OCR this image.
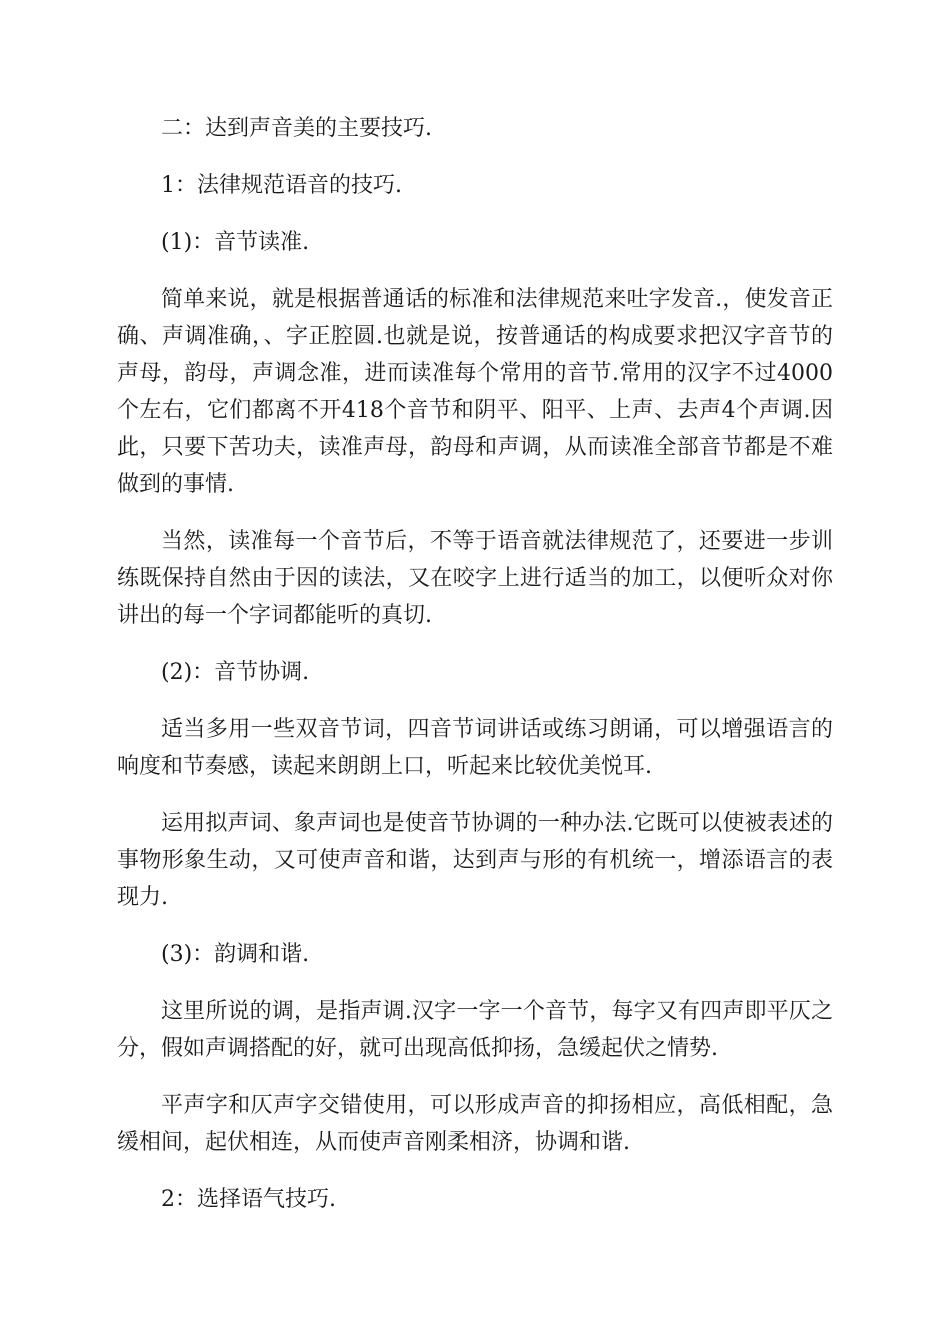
二：达到声音美的主要技巧.

1：法律规范语音的技巧.

(1)：音节读准.

简单来说，就是根据普通话的标准和法律规范来吐字发音.，使发音正确、声调准确，、字正腔圆.也就是说，按普通话的构成要求把汉字音节的声母，韵母，声调念准，进而读准每个常用的音节.常用的汉字不过4000个左右，它们都离不开418个音节和阴平、阳平、上声、去声4个声调.因此，只要下苦功夫，读准声母，韵母和声调，从而读准全部音节都是不难做到的事情.

当然，读准每一个音节后，不等于语音就法律规范了，还要进一步训练既保持自然由于因的读法，又在咬字上进行适当的加工，以便听众对你讲出的每一个字词都能听的真切.

(2)：音节协调.

适当多用一些双音节词，四音节词讲话或练习朗诵，可以增强语言的响度和节奏感，读起来朗朗上口，听起来比较优美悦耳.

运用拟声词、象声词也是使音节协调的一种办法.它既可以使被表述的事物形象生动，又可使声音和谐，达到声与形的有机统一，增添语言的表现力.

(3)：韵调和谐.

这里所说的调，是指声调.汉字一字一个音节，每字又有四声即平仄之分，假如声调搭配的好，就可出现高低抑扬，急缓起伏之情势.

平声字和仄声字交错使用，可以形成声音的抑扬相应，高低相配，急缓相间，起伏相连，从而使声音刚柔相济，协调和谐.

2：选择语气技巧.
